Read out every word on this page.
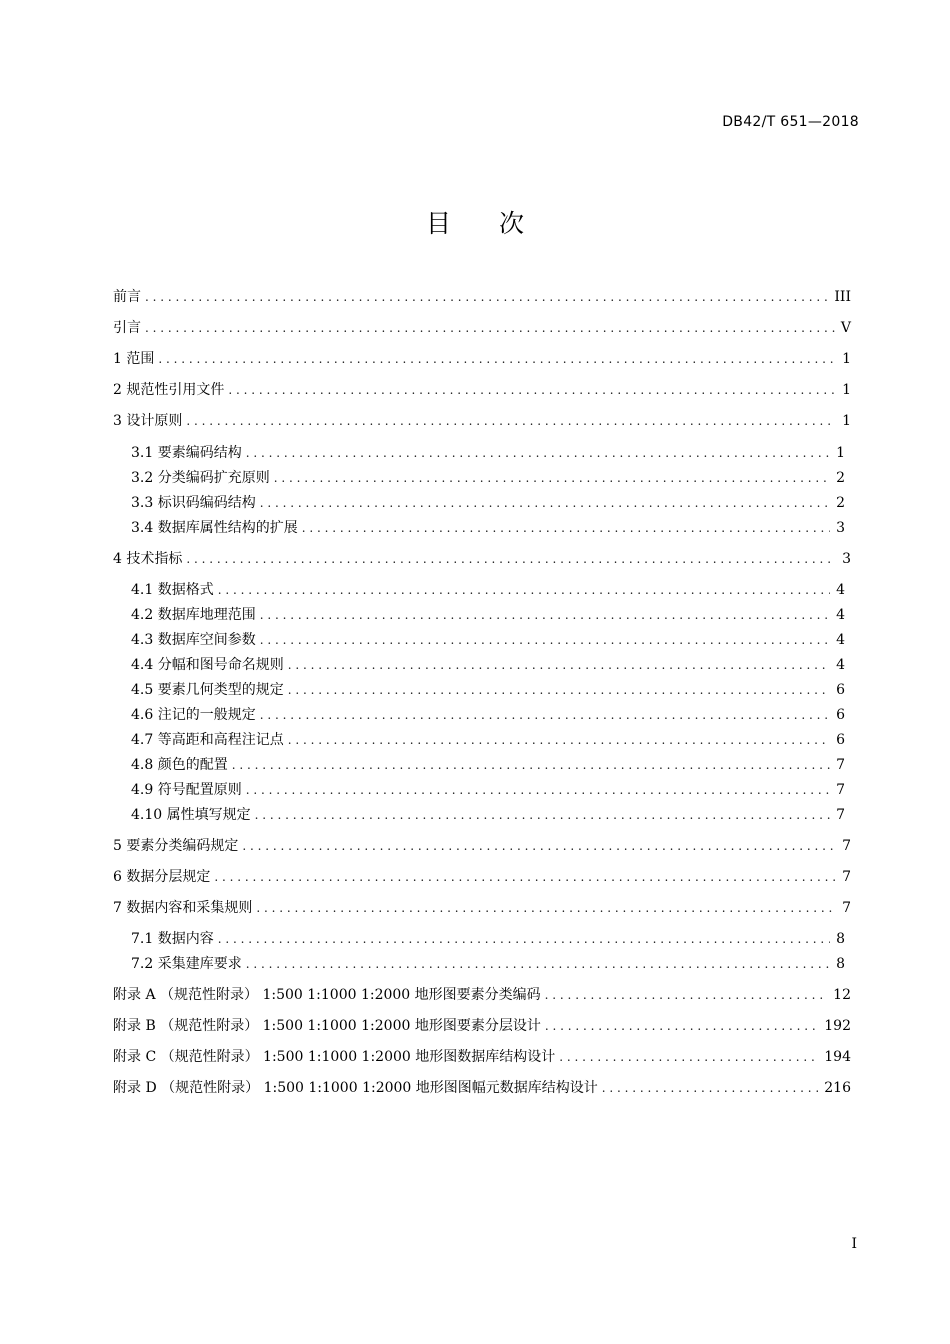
DB42/T 651—2018
目 次
前言 . . .	III
引言 . . .	V
1 范围 . . .	1
2 规范性引用文件 . . .	1
3 设计原则 . . .	1
3.1 要素编码结构 . . .	1
3.2 分类编码扩充原则 . . .	2
3.3 标识码编码结构 . . .	2
3.4 数据库属性结构的扩展 . . .	3
4 技术指标 . . .	3
4.1 数据格式 . . .	4
4.2 数据库地理范围 . . .	4
4.3 数据库空间参数 . . .	4
4.4 分幅和图号命名规则 . . .	4
4.5 要素几何类型的规定 . . .	6
4.6 注记的一般规定 . . .	6
4.7 等高距和高程注记点 . . .	6
4.8 颜色的配置 . . .	7
4.9 符号配置原则 . . .	7
4.10 属性填写规定 . . .	7
5 要素分类编码规定 . . .	7
6 数据分层规定 . . .	7
7 数据内容和采集规则 . . .	7
7.1 数据内容 . . .	8
7.2 采集建库要求 . . .	8
附录 A （规范性附录） 1:500 1:1000 1:2000 地形图要素分类编码 . . .	12
附录 B （规范性附录） 1:500 1:1000 1:2000 地形图要素分层设计 . . .	192
附录 C （规范性附录） 1:500 1:1000 1:2000 地形图数据库结构设计 . . .	194
附录 D （规范性附录） 1:500 1:1000 1:2000 地形图图幅元数据库结构设计 . . .	216
I
